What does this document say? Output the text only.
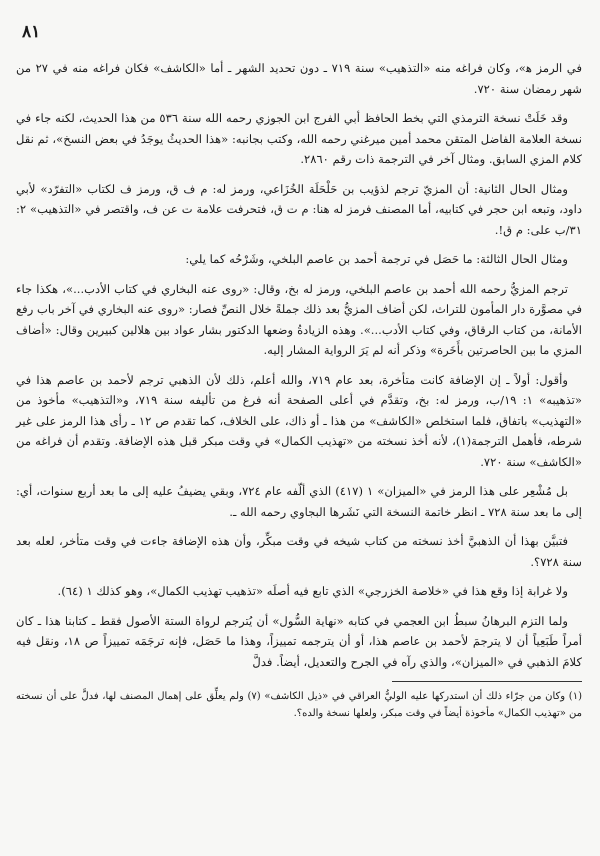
٨١

في الرمز ﻫ»، وكان فراغه منه «التذهيب» سنة ٧١٩ ـ دون تحديد الشهر ـ أما «الكاشف» فكان فراغه منه في ٢٧ من شهر رمضان سنة ٧٢٠.

وقد خَلَتْ نسخة الترمذي التي بخط الحافظ أبي الفرج ابن الجوزي رحمه الله سنة ٥٣٦ من هذا الحديث، لكنه جاء في نسخة العلامة الفاضل المتقن محمد أمين ميرغني رحمه الله، وكتب بجانبه: «هذا الحديثُ يوجَدُ في بعض النسخ»، ثم نقل كلام المزي السابق. ومثال آخر في الترجمة ذات رقم ٢٨٦٠.

ومثال الحال الثانية: أن المزيّ ترجم لذؤيب بن حَلْحَلَة الخُزَاعي، ورمز له: م ف ق، ورمز ف لكتاب «التفرّد» لأبي داود، وتبعه ابن حجر في كتابيه، أما المصنف فرمز له هنا: م ت ق، فتحرفت علامة ت عن ف، واقتصر في «التذهيب» ٢: ٣١/ب على: م ق!.

ومثال الحال الثالثة: ما حَصَل في ترجمة أحمد بن عاصم البلخي، وشَرْحُه كما يلي:

ترجم المزيُّ رحمه الله أحمد بن عاصم البلخي، ورمز له بخ، وقال: «روى عنه البخاري في كتاب الأدب...»، هكذا جاء في مصوَّرة دار المأمون للتراث، لكن أضاف المزيُّ بعد ذلك جملةً خلال النصِّ فصار: «روى عنه البخاري في آخر باب رفع الأمانة، من كتاب الرقاق، وفي كتاب الأدب...». وهذه الزيادةُ وضعها الدكتور بشار عواد بين هلالين كبيرين وقال: «أضاف المزي ما بين الحاصرتين بأَخَرة» وذكر أنه لم يَرَ الرواية المشار إليه.

وأقول: أولاً ـ إن الإضافة كانت متأخرة، بعد عام ٧١٩، والله أعلم، ذلك لأن الذهبي ترجم لأحمد بن عاصم هذا في «تذهيبه» ١: ١٩/ب، ورمز له: بخ، وتقدَّم في أعلى الصفحة أنه فرغ من تأليفه سنة ٧١٩، و«التذهيب» مأخوذ من «التهذيب» باتفاق، فلما استخلص «الكاشف» من هذا ـ أو ذاك، على الخلاف، كما تقدم ص ١٢ ـ رأى هذا الرمز على غير شرطه، فأهمل الترجمة(١)، لأنه أخذ نسخته من «تهذيب الكمال» في وقت مبكر قبل هذه الإضافة. وتقدم أن فراغه من «الكاشف» سنة ٧٢٠.

بل مُشْعِر على هذا الرمز في «الميزان» ١ (٤١٧) الذي ألّفه عام ٧٢٤، وبقي يضيفُ عليه إلى ما بعد أربع سنوات، أي: إلى ما بعد سنة ٧٢٨ ـ انظر خاتمة النسخة التي نَشَرها البجاوي رحمه الله ـ.

فتبيَّن بهذا أن الذهبيَّ أخذ نسخته من كتاب شيخه في وقت مبكِّر، وأن هذه الإضافة جاءت في وقت متأخر، لعله بعد سنة ٧٢٨؟.

ولا غرابة إذا وقع هذا في «خلاصة الخزرجي» الذي تابع فيه أصلَه «تذهيب تهذيب الكمال»، وهو كذلك ١ (٦٤).

ولما التزم البرهانُ سبطُ ابن العجمي في كتابه «نهاية السُّول» أن يُترجم لرواة الستة الأصول فقط ـ كتابنا هذا ـ كان أمراً طَبَعِياً أن لا يترجمَ لأحمد بن عاصم هذا، أو أن يترجمه تمييزاً، وهذا ما حَصَل، فإنه ترجَمَه تمييزاً ص ١٨، ونقل فيه كلامَ الذهبي في «الميزان»، والذي رآه في الجرح والتعديل، أيضاً. فدلَّ

(١) وكان من جرّاء ذلك أن استدركها عليه الوليُّ العراقي في «ذيل الكاشف» (٧) ولم يعلِّق على إهمال المصنف لها، فدلَّ على أن نسخته من «تهذيب الكمال» مأخوذة أيضاً في وقت مبكر، ولعلها نسخة والده؟.
